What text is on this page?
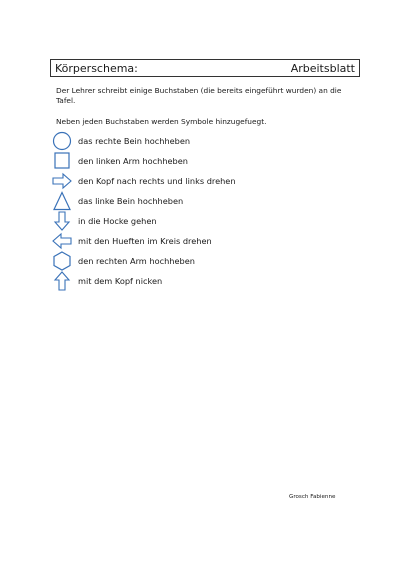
Körperschema:	Arbeitsblatt
Der Lehrer schreibt einige Buchstaben (die bereits eingeführt wurden) an die Tafel.
Neben jeden Buchstaben werden Symbole hinzugefuegt.
das rechte Bein hochheben
den linken Arm hochheben
den Kopf nach rechts und links drehen
das linke Bein hochheben
in die Hocke gehen
mit den Hueften im Kreis drehen
den rechten Arm hochheben
mit dem Kopf nicken
Grosch Fabienne
